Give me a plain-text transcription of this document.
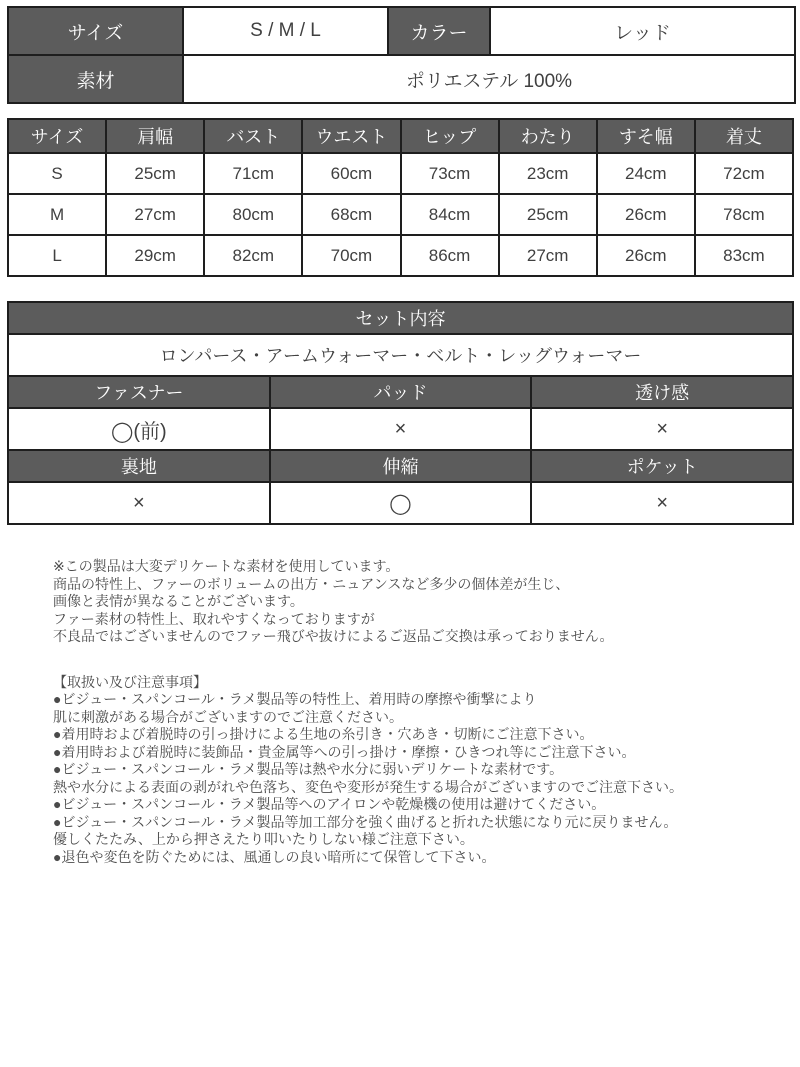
サイズ	S / M / L	カラー	レッド
素材	ポリエステル 100%		
サイズ	肩幅	バスト	ウエスト	ヒップ	わたり	すそ幅	着丈
S	25cm	71cm	60cm	73cm	23cm	24cm	72cm
M	27cm	80cm	68cm	84cm	25cm	26cm	78cm
L	29cm	82cm	70cm	86cm	27cm	26cm	83cm
セット内容		
ロンパース・アームウォーマー・ベルト・レッグウォーマー		
ファスナー	パッド	透け感
◯(前)	×	×
裏地	伸縮	ポケット
×	◯	×
※この製品は大変デリケートな素材を使用しています。
商品の特性上、ファーのボリュームの出方・ニュアンスなど多少の個体差が生じ、
画像と表情が異なることがございます。
ファー素材の特性上、取れやすくなっておりますが
不良品ではございませんのでファー飛びや抜けによるご返品ご交換は承っておりません。
【取扱い及び注意事項】
●ビジュー・スパンコール・ラメ製品等の特性上、着用時の摩擦や衝撃により
肌に刺激がある場合がございますのでご注意ください。
●着用時および着脱時の引っ掛けによる生地の糸引き・穴あき・切断にご注意下さい。
●着用時および着脱時に装飾品・貴金属等への引っ掛け・摩擦・ひきつれ等にご注意下さい。
●ビジュー・スパンコール・ラメ製品等は熱や水分に弱いデリケートな素材です。
熱や水分による表面の剥がれや色落ち、変色や変形が発生する場合がございますのでご注意下さい。
●ビジュー・スパンコール・ラメ製品等へのアイロンや乾燥機の使用は避けてください。
●ビジュー・スパンコール・ラメ製品等加工部分を強く曲げると折れた状態になり元に戻りません。
優しくたたみ、上から押さえたり叩いたりしない様ご注意下さい。
●退色や変色を防ぐためには、風通しの良い暗所にて保管して下さい。
